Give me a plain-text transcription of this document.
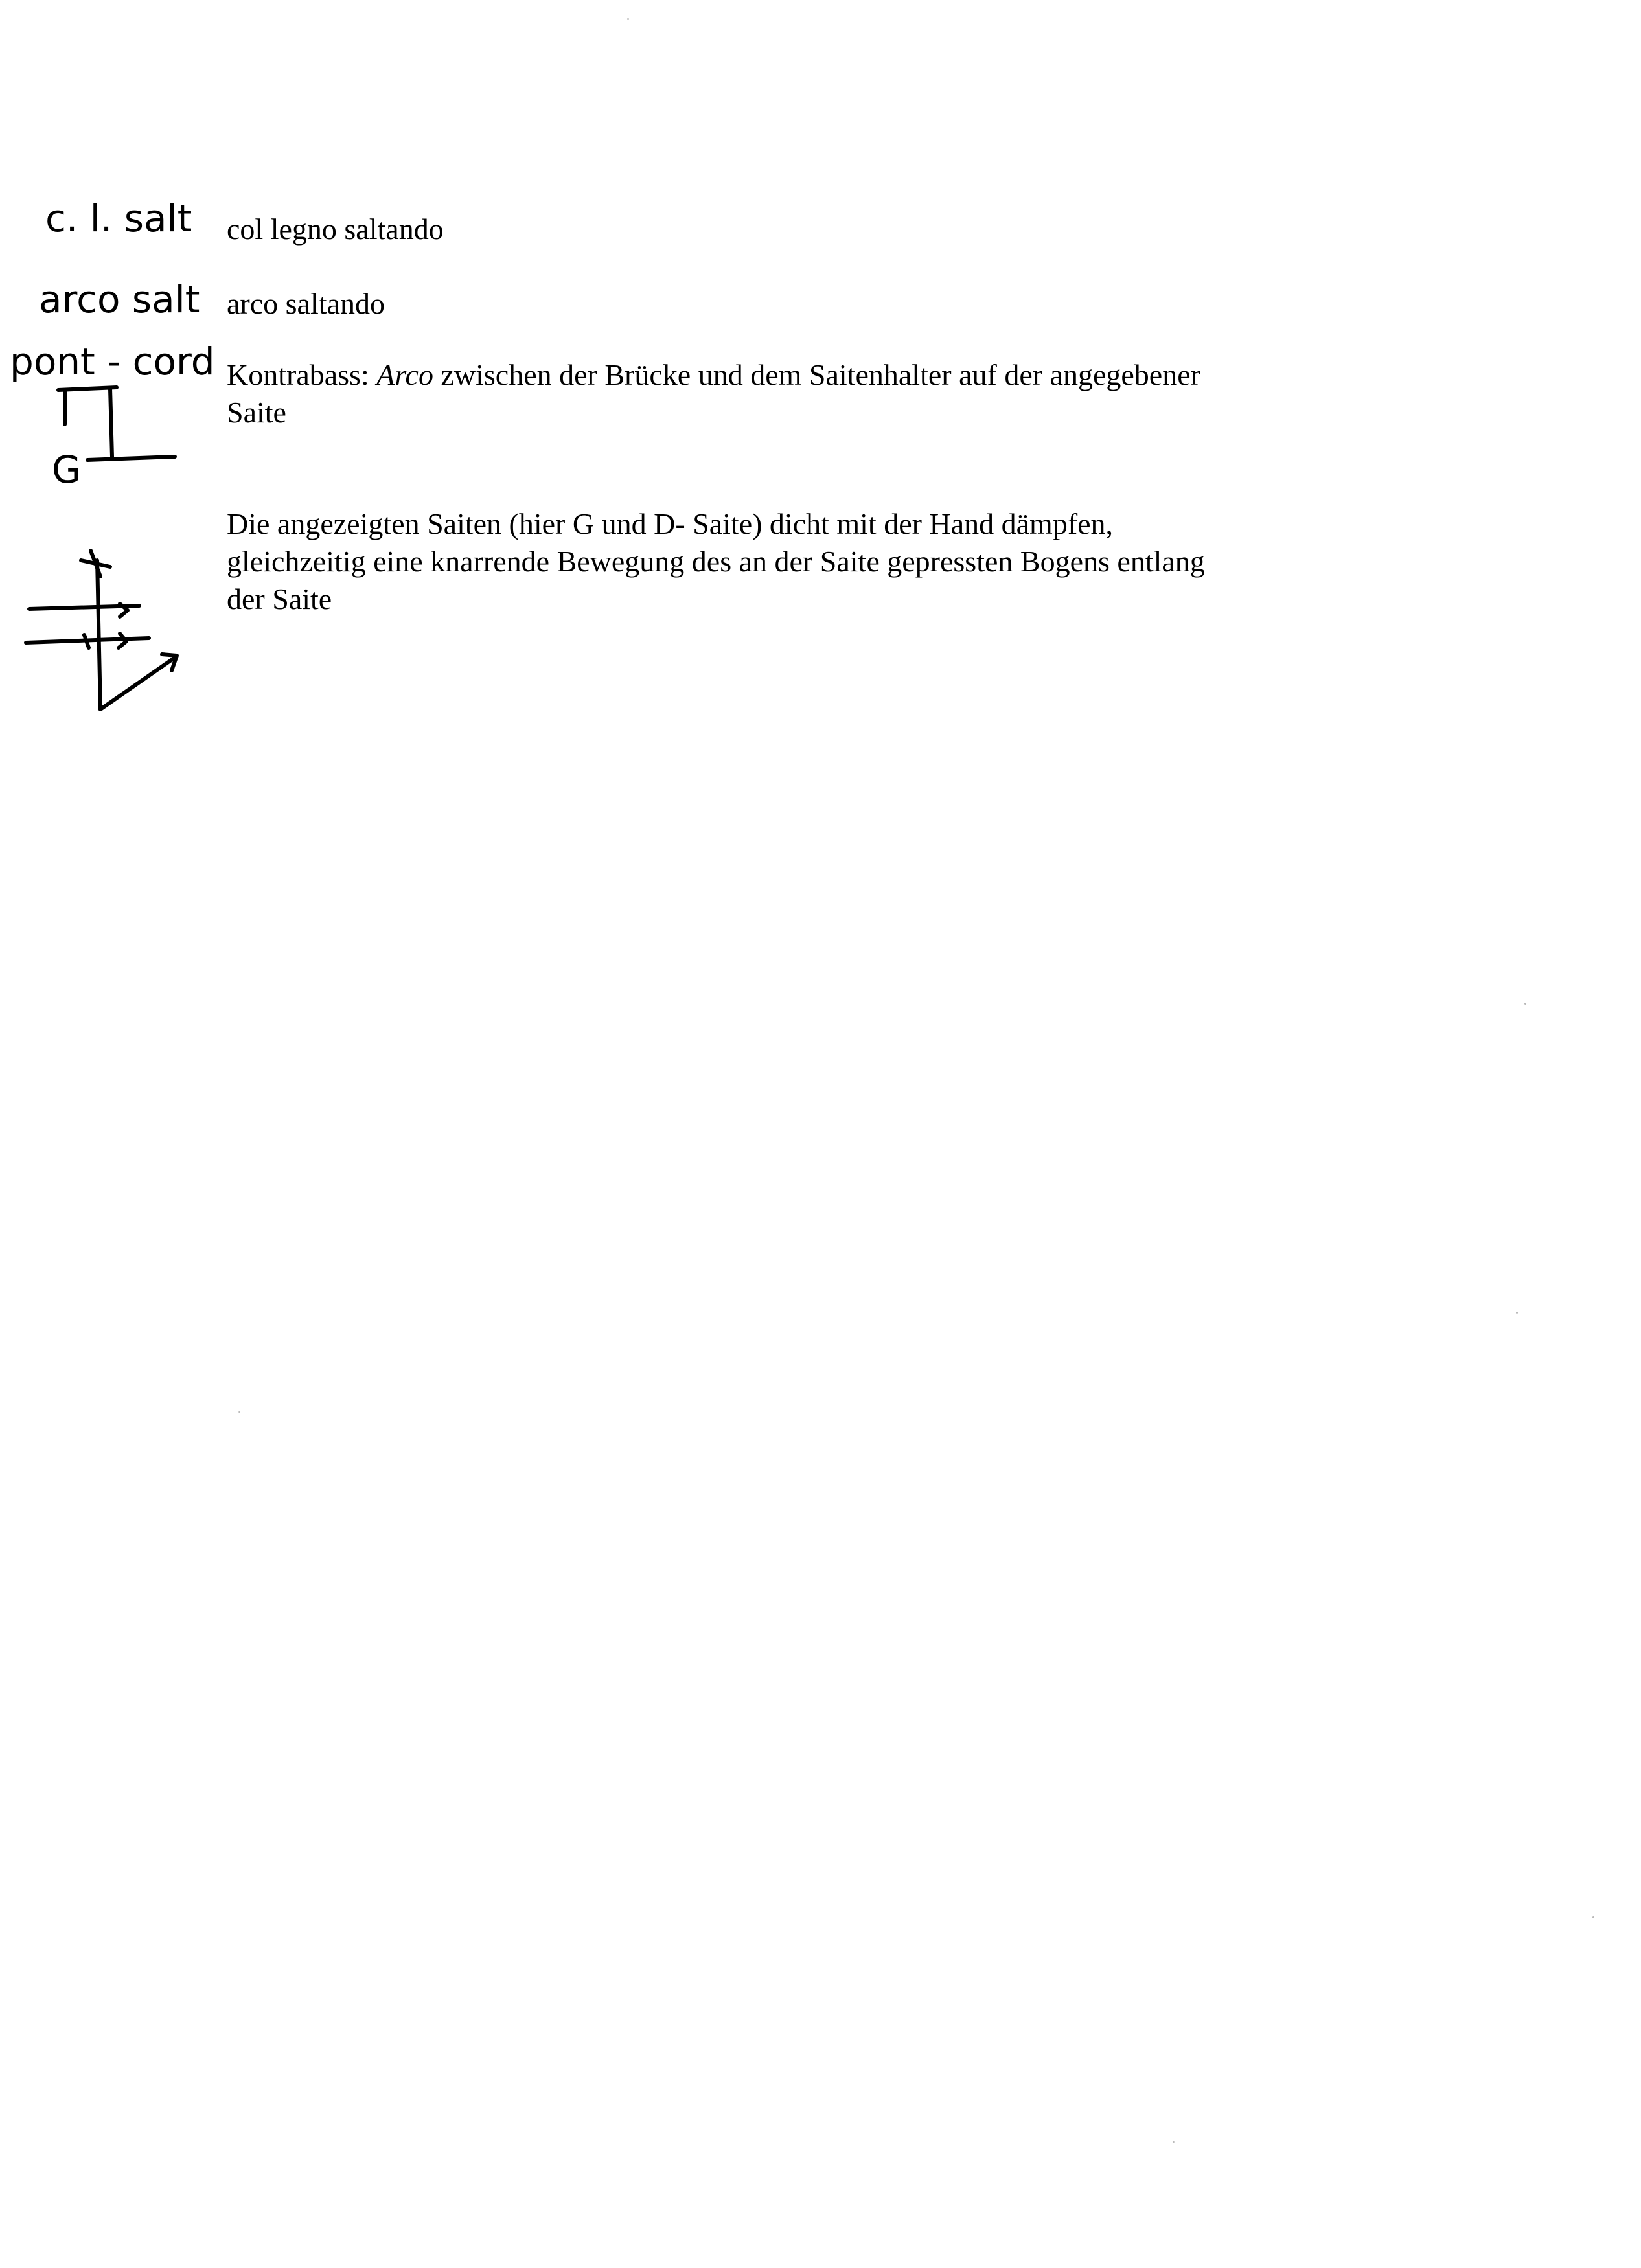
c. l. salt col legno saltando
arco salt arco saltando
pont - cord
G
Kontrabass: Arco zwischen der Brücke und dem Saitenhalter auf der angegebener
Saite
Die angezeigten Saiten (hier G und D- Saite) dicht mit der Hand dämpfen,
gleichzeitig eine knarrende Bewegung des an der Saite gepressten Bogens entlang
der Saite
